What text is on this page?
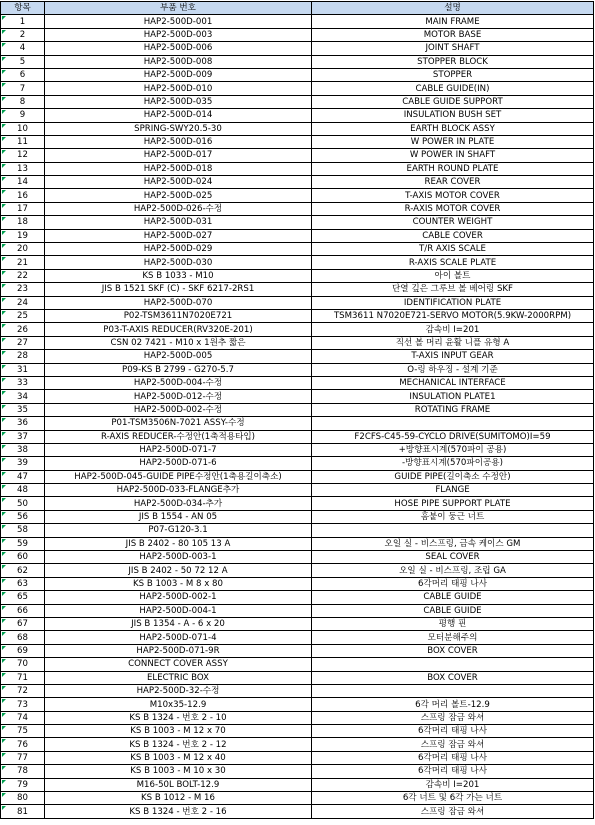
항목	부품 번호	설명
1	HAP2-500D-001	MAIN FRAME
2	HAP2-500D-003	MOTOR BASE
4	HAP2-500D-006	JOINT SHAFT
5	HAP2-500D-008	STOPPER BLOCK
6	HAP2-500D-009	STOPPER
7	HAP2-500D-010	CABLE GUIDE(IN)
8	HAP2-500D-035	CABLE GUIDE SUPPORT
9	HAP2-500D-014	INSULATION BUSH SET
10	SPRING-SWY20.5-30	EARTH BLOCK ASSY
11	HAP2-500D-016	W POWER IN PLATE
12	HAP2-500D-017	W POWER IN SHAFT
13	HAP2-500D-018	EARTH ROUND PLATE
14	HAP2-500D-024	REAR COVER
16	HAP2-500D-025	T-AXIS MOTOR COVER
17	HAP2-500D-026-수정	R-AXIS MOTOR COVER
18	HAP2-500D-031	COUNTER WEIGHT
19	HAP2-500D-027	CABLE COVER
20	HAP2-500D-029	T/R AXIS SCALE
21	HAP2-500D-030	R-AXIS SCALE PLATE
22	KS B 1033 - M10	아이 볼트
23	JIS B 1521 SKF (C) - SKF 6217-2RS1	단열 깊은 그루브 볼 베어링 SKF
24	HAP2-500D-070	IDENTIFICATION PLATE
25	P02-TSM3611N7020E721	TSM3611 N7020E721-SERVO MOTOR(5.9KW-2000RPM)
26	P03-T-AXIS REDUCER(RV320E-201)	감속비 I=201
27	CSN 02 7421 - M10 x 1원추 짧은	직선 볼 머리 윤활 니플 유형 A
28	HAP2-500D-005	T-AXIS INPUT GEAR
31	P09-KS B 2799 - G270-5.7	O-링 하우징 - 설계 기준
33	HAP2-500D-004-수정	MECHANICAL INTERFACE
34	HAP2-500D-012-수정	INSULATION PLATE1
35	HAP2-500D-002-수정	ROTATING FRAME
36	P01-TSM3506N-7021 ASSY-수정	
37	R-AXIS REDUCER-수정안(1축적용타입)	F2CFS-C45-59-CYCLO DRIVE(SUMITOMO)I=59
38	HAP2-500D-071-7	+방향표시계(570파이 공용)
39	HAP2-500D-071-6	-방향표시계(570파이공용)
47	HAP2-500D-045-GUIDE PIPE수정안(1축용길이축소)	GUIDE PIPE(길이축소 수정안)
48	HAP2-500D-033-FLANGE추가	FLANGE
50	HAP2-500D-034-추가	HOSE PIPE SUPPORT PLATE
56	JIS B 1554 - AN 05	홈붙이 둥근 너트
58	P07-G120-3.1	
59	JIS B 2402 - 80 105 13 A	오일 실 - 비스프링, 금속 케이스 GM
60	HAP2-500D-003-1	SEAL COVER
62	JIS B 2402 - 50 72 12 A	오일 실 - 비스프링, 조립 GA
63	KS B 1003 - M 8 x 80	6각머리 태핑 나사
65	HAP2-500D-002-1	CABLE GUIDE
66	HAP2-500D-004-1	CABLE GUIDE
67	JIS B 1354 - A - 6 x 20	평행 핀
68	HAP2-500D-071-4	모터분해주의
69	HAP2-500D-071-9R	BOX COVER
70	CONNECT COVER ASSY	
71	ELECTRIC BOX	BOX COVER
72	HAP2-500D-32-수정	
73	M10x35-12.9	6각 머리 볼트-12.9
74	KS B 1324 - 번호 2 - 10	스프링 잠금 와셔
75	KS B 1003 - M 12 x 70	6각머리 태핑 나사
76	KS B 1324 - 번호 2 - 12	스프링 잠금 와셔
77	KS B 1003 - M 12 x 40	6각머리 태핑 나사
78	KS B 1003 - M 10 x 30	6각머리 태핑 나사
79	M16-50L BOLT-12.9	감속비 I=201
80	KS B 1012 - M 16	6각 너트 및 6각 가는 너트
81	KS B 1324 - 번호 2 - 16	스프링 잠금 와셔
